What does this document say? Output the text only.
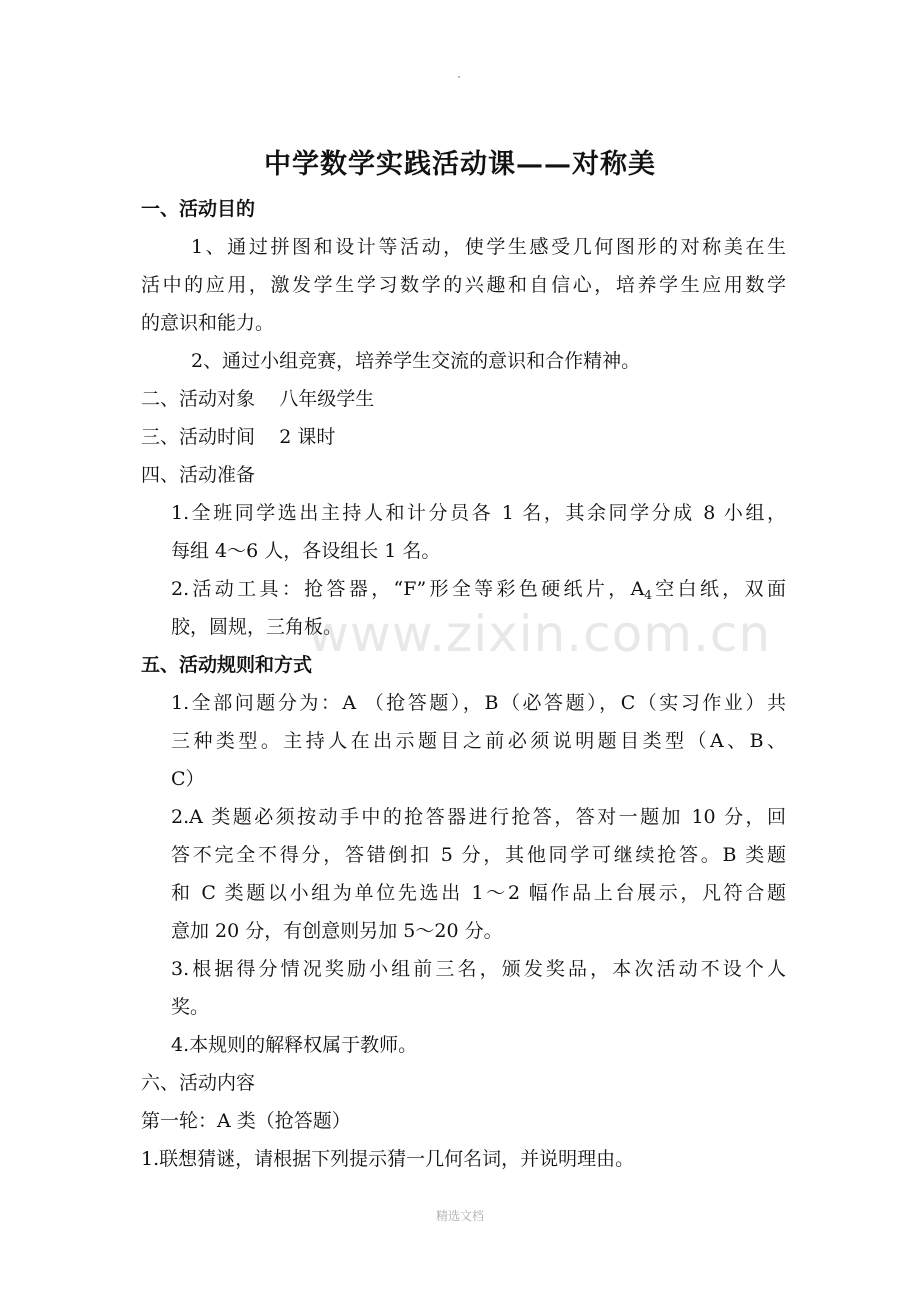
中学数学实践活动课——对称美
一、活动目的
1、通过拼图和设计等活动，使学生感受几何图形的对称美在生
活中的应用，激发学生学习数学的兴趣和自信心，培养学生应用数学
的意识和能力。
2、通过小组竞赛，培养学生交流的意识和合作精神。
二、活动对象 八年级学生
三、活动时间 2 课时
四、活动准备
1.全班同学选出主持人和计分员各 1 名，其余同学分成 8 小组，
每组 4～6 人，各设组长 1 名。
2.活动工具：抢答器，“F”形全等彩色硬纸片，$A_4$空白纸，双面
胶，圆规，三角板。
五、活动规则和方式
1.全部问题分为：A （抢答题），B（必答题），C（实习作业）共
三种类型。主持人在出示题目之前必须说明题目类型（A、B、
C）
2.A 类题必须按动手中的抢答器进行抢答，答对一题加 10 分，回
答不完全不得分，答错倒扣 5 分，其他同学可继续抢答。B 类题
和 C 类题以小组为单位先选出 1～2 幅作品上台展示，凡符合题
意加 20 分，有创意则另加 5～20 分。
3.根据得分情况奖励小组前三名，颁发奖品，本次活动不设个人
奖。
4.本规则的解释权属于教师。
六、活动内容
第一轮：A 类（抢答题）
1.联想猜谜，请根据下列提示猜一几何名词，并说明理由。
www.zixin.com.cn
精选文档
